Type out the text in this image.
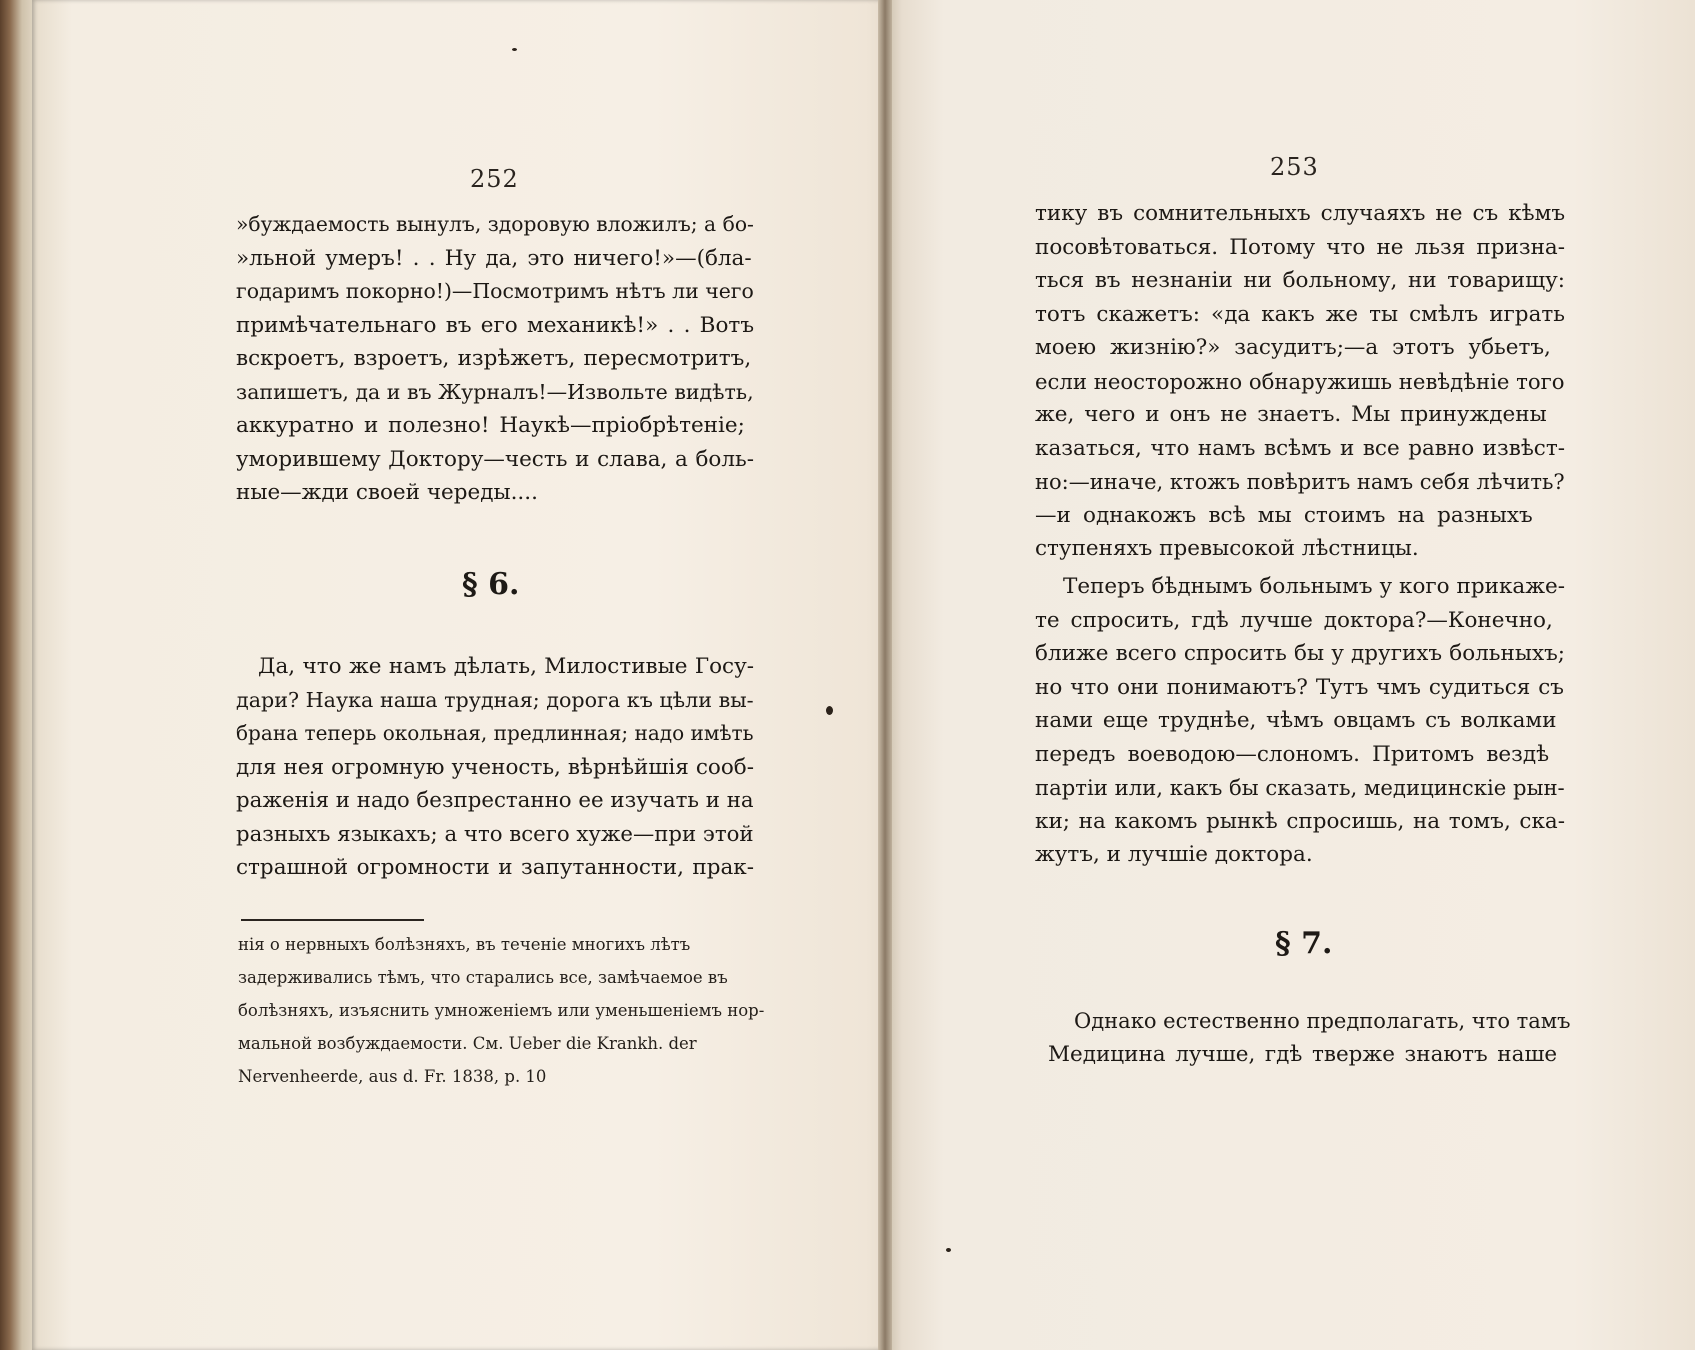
252
»буждаемость вынулъ, здоровую вложилъ; а бо-
»льной умеръ! . . Ну да, это ничего!»—(бла-
годаримъ покорно!)—Посмотримъ нѣтъ ли чего
примѣчательнаго въ его механикѣ!» . . Вотъ
вскроетъ, взроетъ, изрѣжетъ, пересмотритъ,
запишетъ, да и въ Журналъ!—Извольте видѣть,
аккуратно и полезно! Наукѣ—пріобрѣтеніе;
уморившему Доктору—честь и слава, а боль-
ные—жди своей череды....
§ 6.
Да, что же намъ дѣлать, Милостивые Госу-
дари? Наука наша трудная; дорога къ цѣли вы-
брана теперь окольная, предлинная; надо имѣть
для нея огромную ученость, вѣрнѣйшія сооб-
раженія и надо безпрестанно ее изучать и на
разныхъ языкахъ; а что всего хуже—при этой
страшной огромности и запутанности, прак-
нія о нервныхъ болѣзняхъ, въ теченіе многихъ лѣтъ
задерживались тѣмъ, что старались все, замѣчаемое въ
болѣзняхъ, изъяснить умноженіемъ или уменьшеніемъ нор-
мальной возбуждаемости. См. Ueber die Krankh. der
Nervenheerde, aus d. Fr. 1838, p. 10
253
тику въ сомнительныхъ случаяхъ не съ кѣмъ
посовѣтоваться. Потому что не льзя призна-
ться въ незнаніи ни больному, ни товарищу:
тотъ скажетъ: «да какъ же ты смѣлъ играть
моею жизнію?» засудитъ;—а этотъ убьетъ,
если неосторожно обнаружишь невѣдѣніе того
же, чего и онъ не знаетъ. Мы принуждены
казаться, что намъ всѣмъ и все равно извѣст-
но:—иначе, ктожъ повѣритъ намъ себя лѣчить?
—и однакожъ всѣ мы стоимъ на разныхъ
ступеняхъ превысокой лѣстницы.
Теперъ бѣднымъ больнымъ у кого прикаже-
те спросить, гдѣ лучше доктора?—Конечно,
ближе всего спросить бы у другихъ больныхъ;
но что они понимаютъ? Тутъ чмъ судиться съ
нами еще труднѣе, чѣмъ овцамъ съ волками
передъ воеводою—слономъ. Притомъ вездѣ
партіи или, какъ бы сказать, медицинскіе рын-
ки; на какомъ рынкѣ спросишь, на томъ, ска-
жутъ, и лучшіе доктора.
§ 7.
Однако естественно предполагать, что тамъ
Медицина лучше, гдѣ тверже знаютъ наше
